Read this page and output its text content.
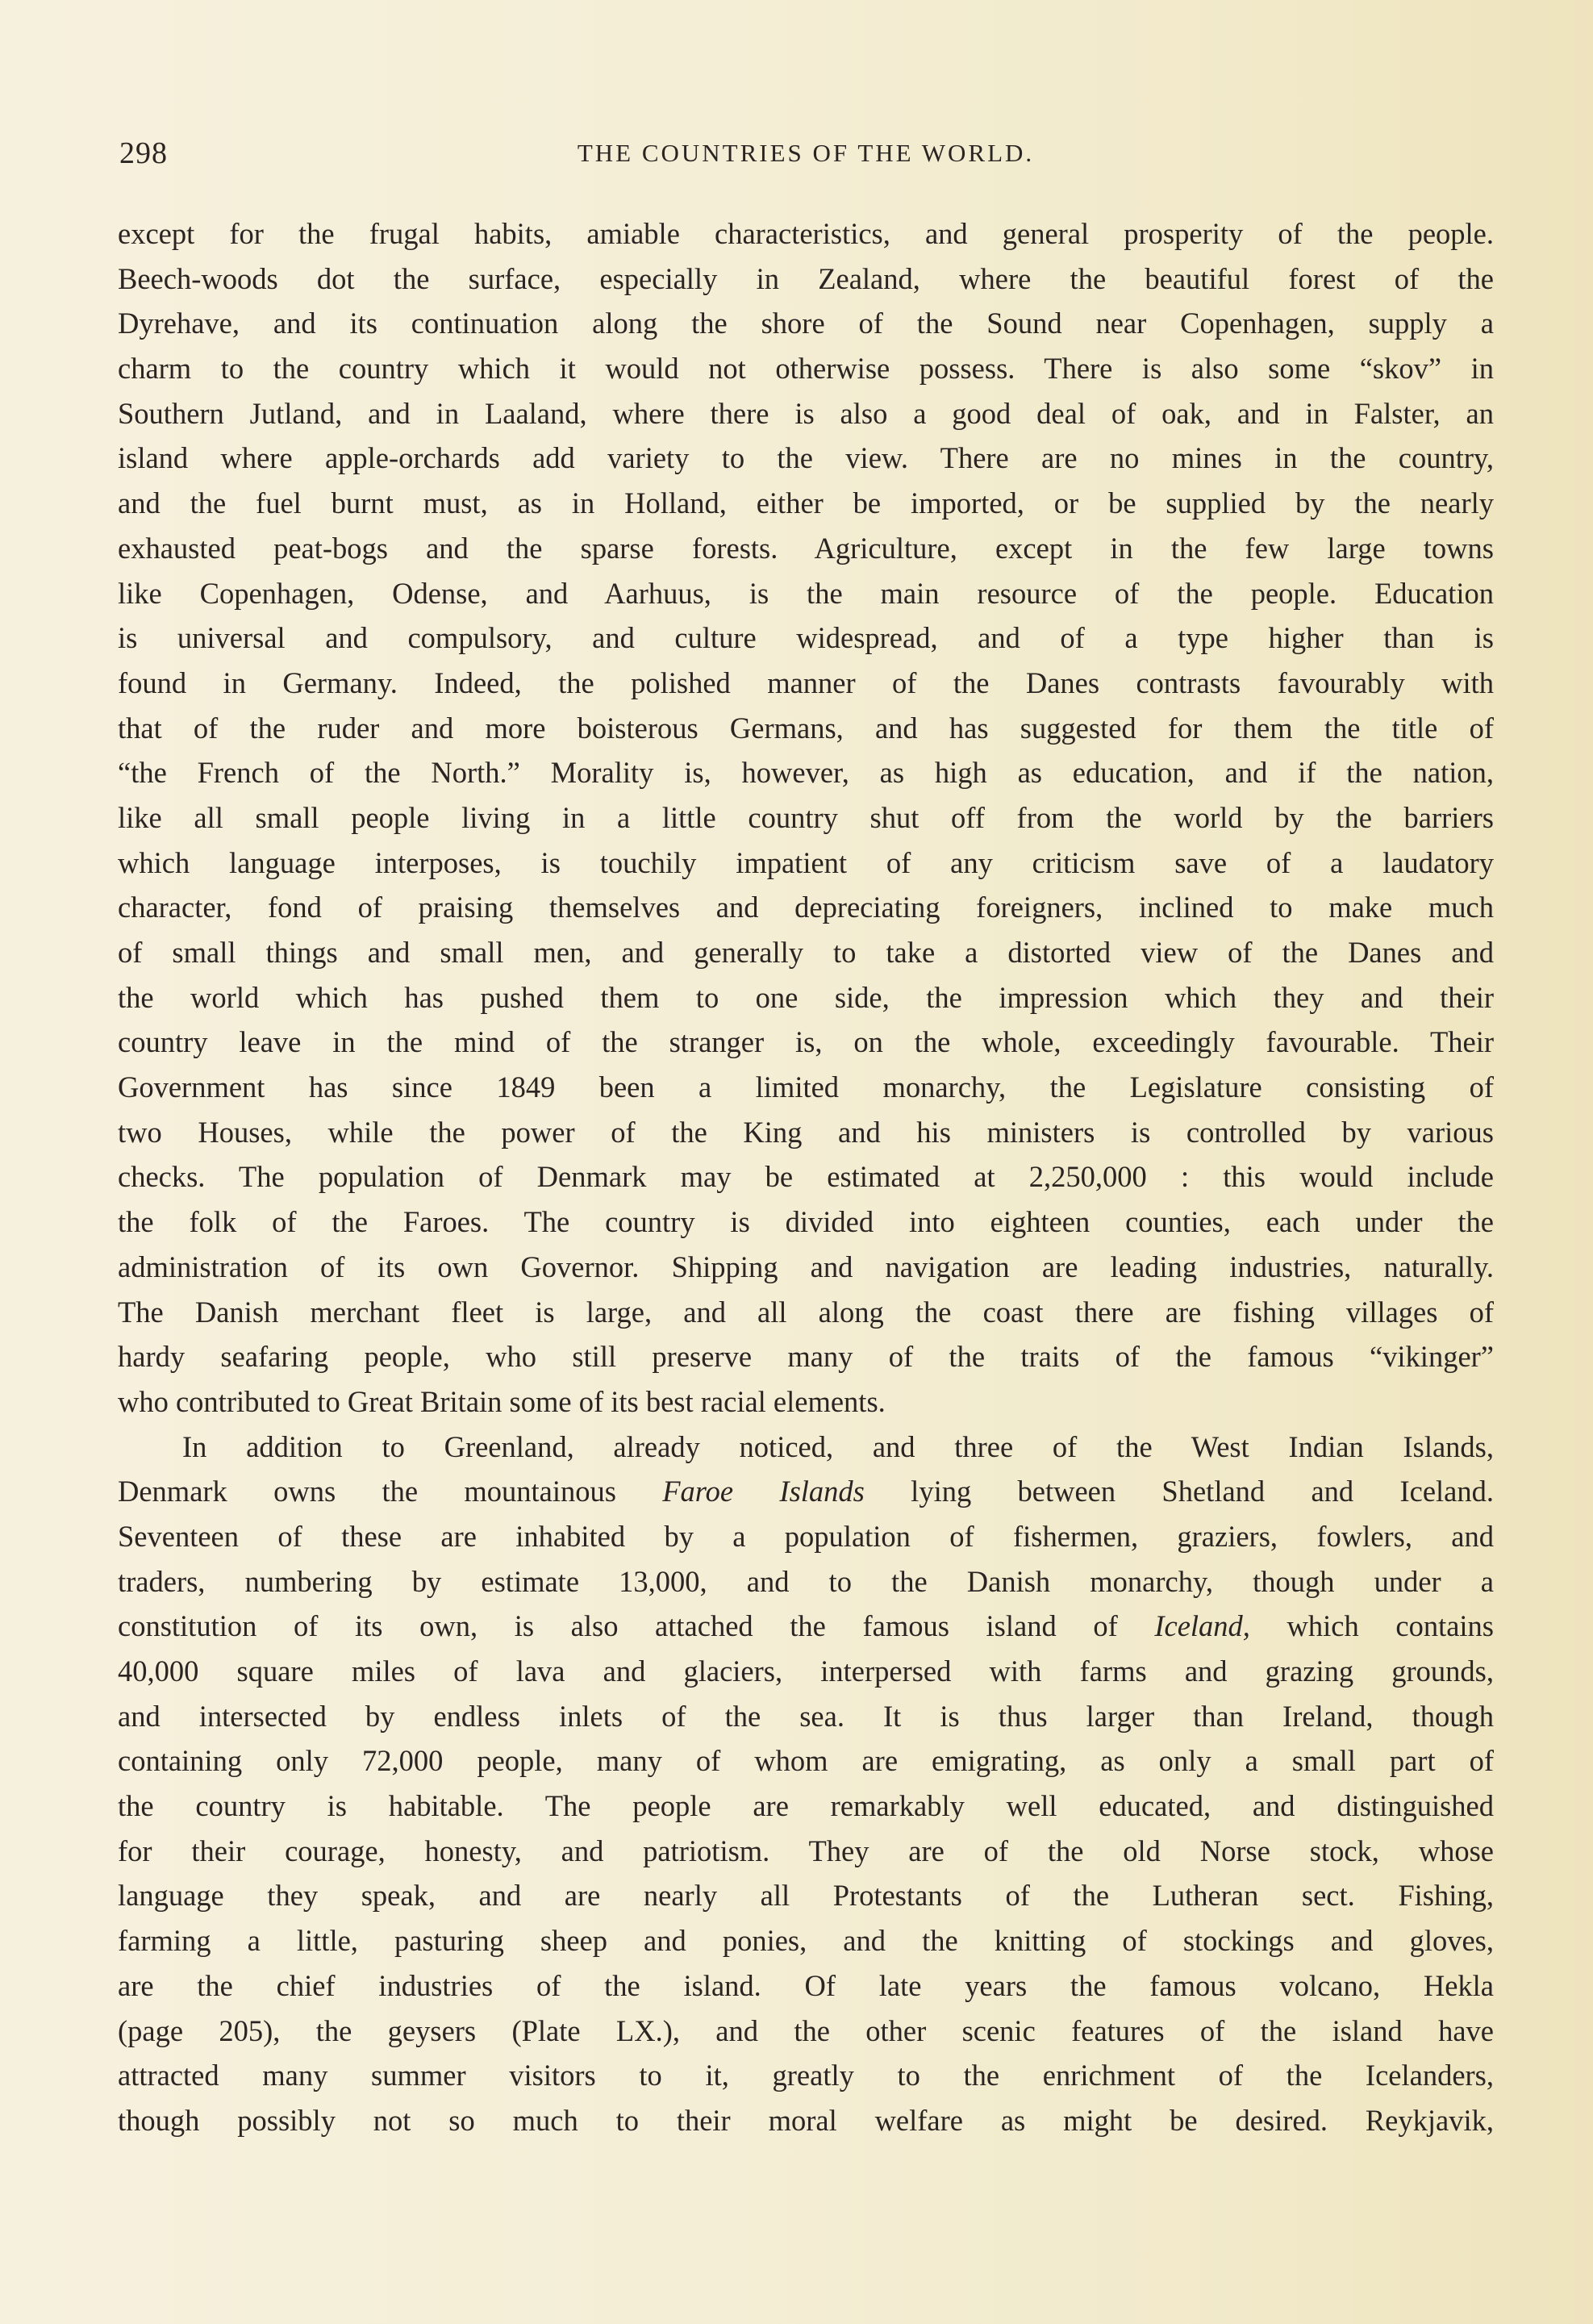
298	THE COUNTRIES OF THE WORLD.
except for the frugal habits, amiable characteristics, and general prosperity of the people.
Beech-woods dot the surface, especially in Zealand, where the beautiful forest of the
Dyrehave, and its continuation along the shore of the Sound near Copenhagen, supply a
charm to the country which it would not otherwise possess. There is also some “skov” in
Southern Jutland, and in Laaland, where there is also a good deal of oak, and in Falster, an
island where apple-orchards add variety to the view. There are no mines in the country,
and the fuel burnt must, as in Holland, either be imported, or be supplied by the nearly
exhausted peat-bogs and the sparse forests. Agriculture, except in the few large towns
like Copenhagen, Odense, and Aarhuus, is the main resource of the people. Education
is universal and compulsory, and culture widespread, and of a type higher than is
found in Germany. Indeed, the polished manner of the Danes contrasts favourably with
that of the ruder and more boisterous Germans, and has suggested for them the title of
“the French of the North.” Morality is, however, as high as education, and if the nation,
like all small people living in a little country shut off from the world by the barriers
which language interposes, is touchily impatient of any criticism save of a laudatory
character, fond of praising themselves and depreciating foreigners, inclined to make much
of small things and small men, and generally to take a distorted view of the Danes and
the world which has pushed them to one side, the impression which they and their
country leave in the mind of the stranger is, on the whole, exceedingly favourable. Their
Government has since 1849 been a limited monarchy, the Legislature consisting of
two Houses, while the power of the King and his ministers is controlled by various
checks. The population of Denmark may be estimated at 2,250,000 : this would include
the folk of the Faroes. The country is divided into eighteen counties, each under the
administration of its own Governor. Shipping and navigation are leading industries, naturally.
The Danish merchant fleet is large, and all along the coast there are fishing villages of
hardy seafaring people, who still preserve many of the traits of the famous “vikinger”
who contributed to Great Britain some of its best racial elements.
In addition to Greenland, already noticed, and three of the West Indian Islands,
Denmark owns the mountainous Faroe Islands lying between Shetland and Iceland.
Seventeen of these are inhabited by a population of fishermen, graziers, fowlers, and
traders, numbering by estimate 13,000, and to the Danish monarchy, though under a
constitution of its own, is also attached the famous island of Iceland, which contains
40,000 square miles of lava and glaciers, interpersed with farms and grazing grounds,
and intersected by endless inlets of the sea. It is thus larger than Ireland, though
containing only 72,000 people, many of whom are emigrating, as only a small part of
the country is habitable. The people are remarkably well educated, and distinguished
for their courage, honesty, and patriotism. They are of the old Norse stock, whose
language they speak, and are nearly all Protestants of the Lutheran sect. Fishing,
farming a little, pasturing sheep and ponies, and the knitting of stockings and gloves,
are the chief industries of the island. Of late years the famous volcano, Hekla
(page 205), the geysers (Plate LX.), and the other scenic features of the island have
attracted many summer visitors to it, greatly to the enrichment of the Icelanders,
though possibly not so much to their moral welfare as might be desired. Reykjavik,
